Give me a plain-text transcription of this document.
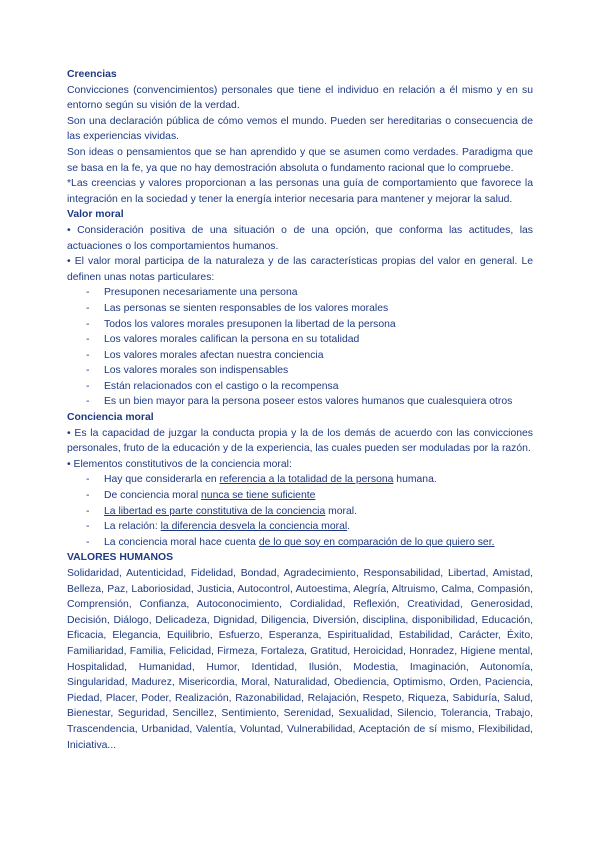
Creencias

Convicciones (convencimientos) personales que tiene el individuo en relación a él mismo y en su entorno según su visión de la verdad.

Son una declaración pública de cómo vemos el mundo. Pueden ser hereditarias o consecuencia de las experiencias vividas.

Son ideas o pensamientos que se han aprendido y que se asumen como verdades. Paradigma que se basa en la fe, ya que no hay demostración absoluta o fundamento racional que lo compruebe.

*Las creencias y valores proporcionan a las personas una guía de comportamiento que favorece la integración en la sociedad y tener la energía interior necesaria para mantener y mejorar la salud.

Valor moral

• Consideración positiva de una situación o de una opción, que conforma las actitudes, las actuaciones o los comportamientos humanos.

• El valor moral participa de la naturaleza y de las características propias del valor en general. Le definen unas notas particulares:

- Presuponen necesariamente una persona
- Las personas se sienten responsables de los valores morales
- Todos los valores morales presuponen la libertad de la persona
- Los valores morales califican la persona en su totalidad
- Los valores morales afectan nuestra conciencia
- Los valores morales son indispensables
- Están relacionados con el castigo o la recompensa
- Es un bien mayor para la persona poseer estos valores humanos que cualesquiera otros
Conciencia moral

• Es la capacidad de juzgar la conducta propia y la de los demás de acuerdo con las convicciones personales, fruto de la educación y de la experiencia, las cuales pueden ser moduladas por la razón.

• Elementos constitutivos de la conciencia moral:

- Hay que considerarla en referencia a la totalidad de la persona humana.
- De conciencia moral nunca se tiene suficiente
- La libertad es parte constitutiva de la conciencia moral.
- La relación: la diferencia desvela la conciencia moral.
- La conciencia moral hace cuenta de lo que soy en comparación de lo que quiero ser.
VALORES HUMANOS

Solidaridad, Autenticidad, Fidelidad, Bondad, Agradecimiento, Responsabilidad, Libertad, Amistad, Belleza, Paz, Laboriosidad, Justicia, Autocontrol, Autoestima, Alegría, Altruismo, Calma, Compasión, Comprensión, Confianza, Autoconocimiento, Cordialidad, Reflexión, Creatividad, Generosidad, Decisión, Diálogo, Delicadeza, Dignidad, Diligencia, Diversión, disciplina, disponibilidad, Educación, Eficacia, Elegancia, Equilibrio, Esfuerzo, Esperanza, Espiritualidad, Estabilidad, Carácter, Éxito, Familiaridad, Familia, Felicidad, Firmeza, Fortaleza, Gratitud, Heroicidad, Honradez, Higiene mental, Hospitalidad, Humanidad, Humor, Identidad, Ilusión, Modestia, Imaginación, Autonomía, Singularidad, Madurez, Misericordia, Moral, Naturalidad, Obediencia, Optimismo, Orden, Paciencia, Piedad, Placer, Poder, Realización, Razonabilidad, Relajación, Respeto, Riqueza, Sabiduría, Salud, Bienestar, Seguridad, Sencillez, Sentimiento, Serenidad, Sexualidad, Silencio, Tolerancia, Trabajo, Trascendencia, Urbanidad, Valentía, Voluntad, Vulnerabilidad, Aceptación de sí mismo, Flexibilidad, Iniciativa...
